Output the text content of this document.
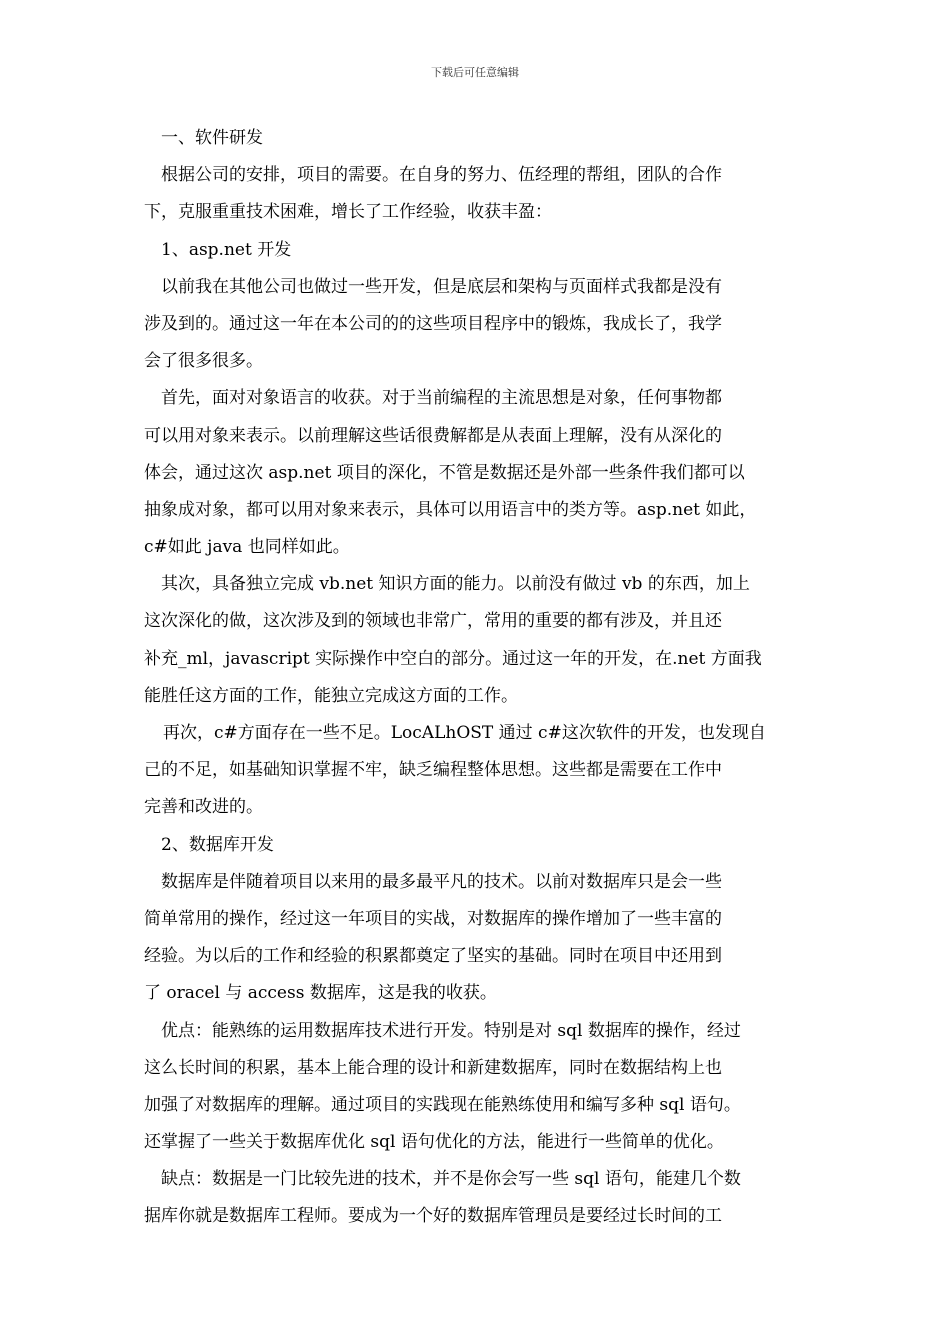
下载后可任意编辑
一、软件研发
根据公司的安排，项目的需要。在自身的努力、伍经理的帮组，团队的合作
下，克服重重技术困难，增长了工作经验，收获丰盈：
1、asp.net 开发
以前我在其他公司也做过一些开发，但是底层和架构与页面样式我都是没有
涉及到的。通过这一年在本公司的的这些项目程序中的锻炼，我成长了，我学
会了很多很多。
首先，面对对象语言的收获。对于当前编程的主流思想是对象，任何事物都
可以用对象来表示。以前理解这些话很费解都是从表面上理解，没有从深化的
体会，通过这次 asp.net 项目的深化，不管是数据还是外部一些条件我们都可以
抽象成对象，都可以用对象来表示，具体可以用语言中的类方等。asp.net 如此，
c#如此 java 也同样如此。
其次，具备独立完成 vb.net 知识方面的能力。以前没有做过 vb 的东西，加上
这次深化的做，这次涉及到的领域也非常广，常用的重要的都有涉及，并且还
补充_ml，javascript 实际操作中空白的部分。通过这一年的开发，在.net 方面我
能胜任这方面的工作，能独立完成这方面的工作。
再次，c#方面存在一些不足。LocALhOST 通过 c#这次软件的开发，也发现自
己的不足，如基础知识掌握不牢，缺乏编程整体思想。这些都是需要在工作中
完善和改进的。
2、数据库开发
数据库是伴随着项目以来用的最多最平凡的技术。以前对数据库只是会一些
简单常用的操作，经过这一年项目的实战，对数据库的操作增加了一些丰富的
经验。为以后的工作和经验的积累都奠定了坚实的基础。同时在项目中还用到
了 oracel 与 access 数据库，这是我的收获。
优点：能熟练的运用数据库技术进行开发。特别是对 sql 数据库的操作，经过
这么长时间的积累，基本上能合理的设计和新建数据库，同时在数据结构上也
加强了对数据库的理解。通过项目的实践现在能熟练使用和编写多种 sql 语句。
还掌握了一些关于数据库优化 sql 语句优化的方法，能进行一些简单的优化。
缺点：数据是一门比较先进的技术，并不是你会写一些 sql 语句，能建几个数
据库你就是数据库工程师。要成为一个好的数据库管理员是要经过长时间的工
